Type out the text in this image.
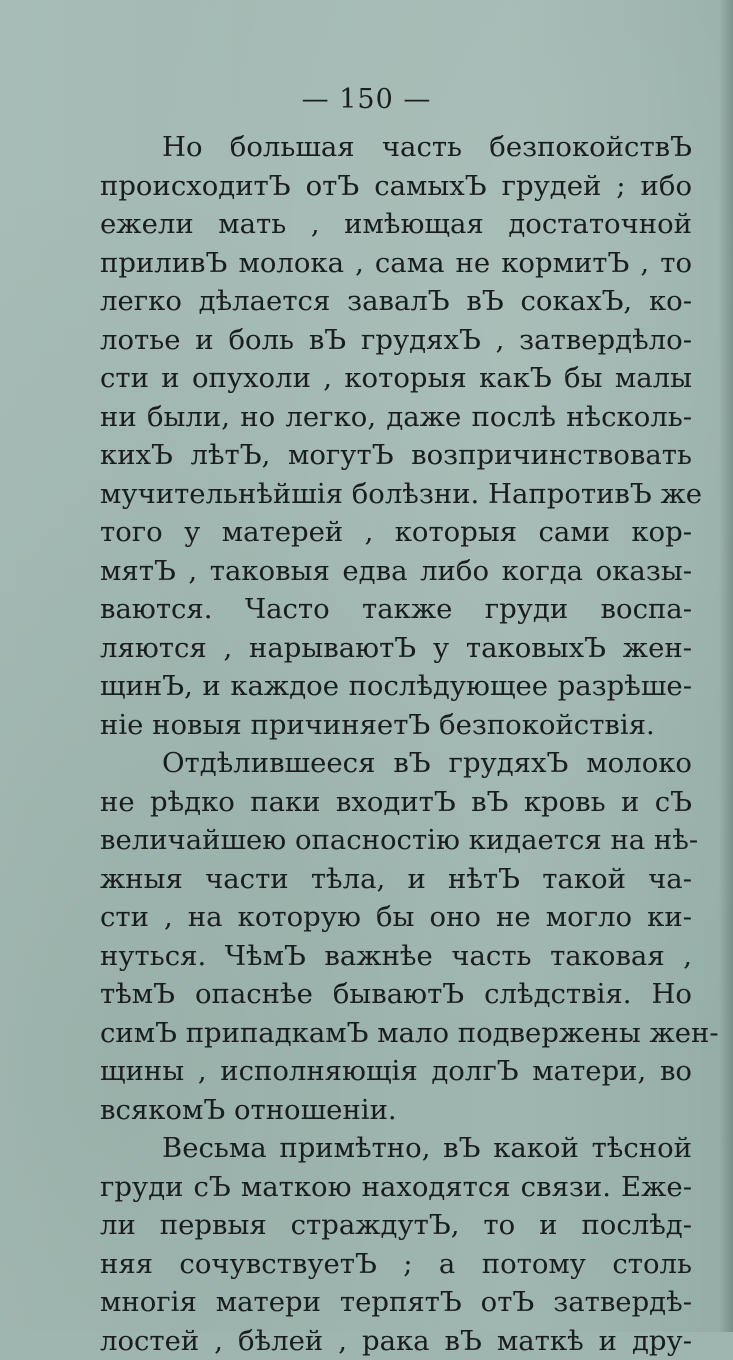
— 150 —
Но большая часть безпокойствЪ
происходитЪ отЪ самыхЪ грудей ; ибо
ежели мать , имѣющая достаточной
приливЪ молока , сама не кормитЪ , то
легко дѣлается завалЪ вЪ сокахЪ, ко-
лотье и боль вЪ грудяхЪ , затвердѣло-
сти и опухоли , которыя какЪ бы малы
ни были, но легко, даже послѣ нѣсколь-
кихЪ лѣтЪ, могутЪ возпричинствовать
мучительнѣйшія болѣзни. НапротивЪ же
того у матерей , которыя сами кор-
мятЪ , таковыя едва либо когда оказы-
ваются. Часто также груди воспа-
ляются , нарываютЪ у таковыхЪ жен-
щинЪ, и каждое послѣдующее разрѣше-
ніе новыя причиняетЪ безпокойствія.
Отдѣлившееся вЪ грудяхЪ молоко
не рѣдко паки входитЪ вЪ кровь и сЪ
величайшею опасностію кидается на нѣ-
жныя части тѣла, и нѣтЪ такой ча-
сти , на которую бы оно не могло ки-
нуться. ЧѣмЪ важнѣе часть таковая ,
тѣмЪ опаснѣе бываютЪ слѣдствія. Но
симЪ припадкамЪ мало подвержены жен-
щины , исполняющія долгЪ матери, во
всякомЪ отношеніи.
Весьма примѣтно, вЪ какой тѣсной
груди сЪ маткою находятся связи. Еже-
ли первыя страждутЪ, то и послѣд-
няя сочувствуетЪ ; а потому столь
многія матери терпятЪ отЪ затвердѣ-
лостей , бѣлей , рака вЪ маткѣ и дру-
